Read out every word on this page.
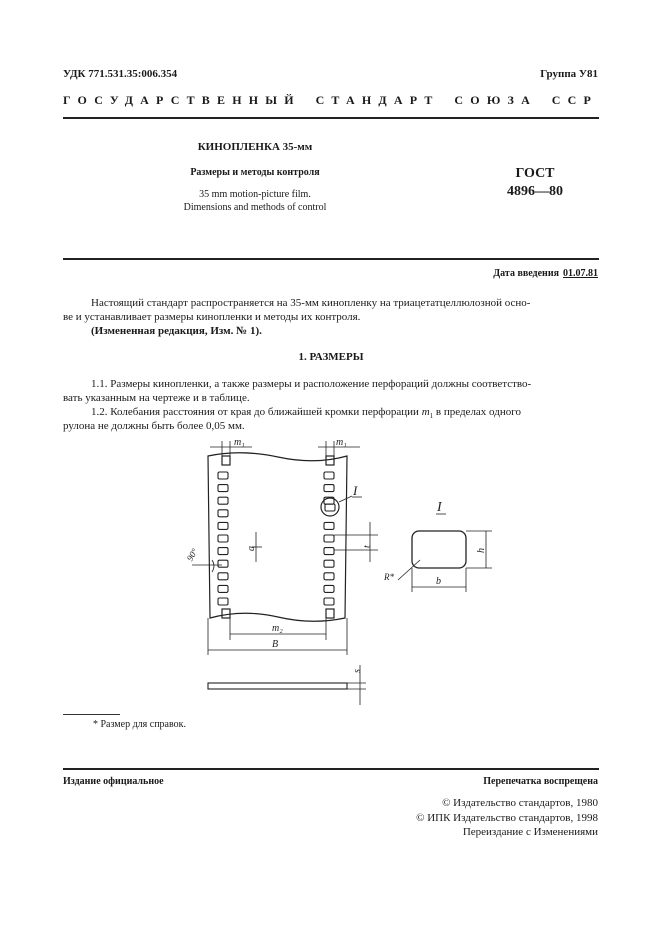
УДК 771.531.35:006.354	Группа У81
ГОСУДАРСТВЕННЫЙ СТАНДАРТ СОЮЗА ССР
КИНОПЛЕНКА 35-мм
Размеры и методы контроля
35 mm motion-picture film.
Dimensions and methods of control
ГОСТ
4896—80
Дата введения 01.07.81
Настоящий стандарт распространяется на 35-мм кинопленку на триацетатцеллюлозной осно-
ве и устанавливает размеры кинопленки и методы их контроля.
(Измененная редакция, Изм. № 1).
1. РАЗМЕРЫ
1.1. Размеры кинопленки, а также размеры и расположение перфораций должны соответство-
вать указанным на чертеже и в таблице.
1.2. Колебания расстояния от края до ближайшей кромки перфорации $m_1$ в пределах одного
рулона не должны быть более 0,05 мм.
m₁	m₁
m₂
B
a	t
90°
I
I
h
b
R*
s
* Размер для справок.
Издание официальное	Перепечатка воспрещена
© Издательство стандартов, 1980
© ИПК Издательство стандартов, 1998
Переиздание с Изменениями
